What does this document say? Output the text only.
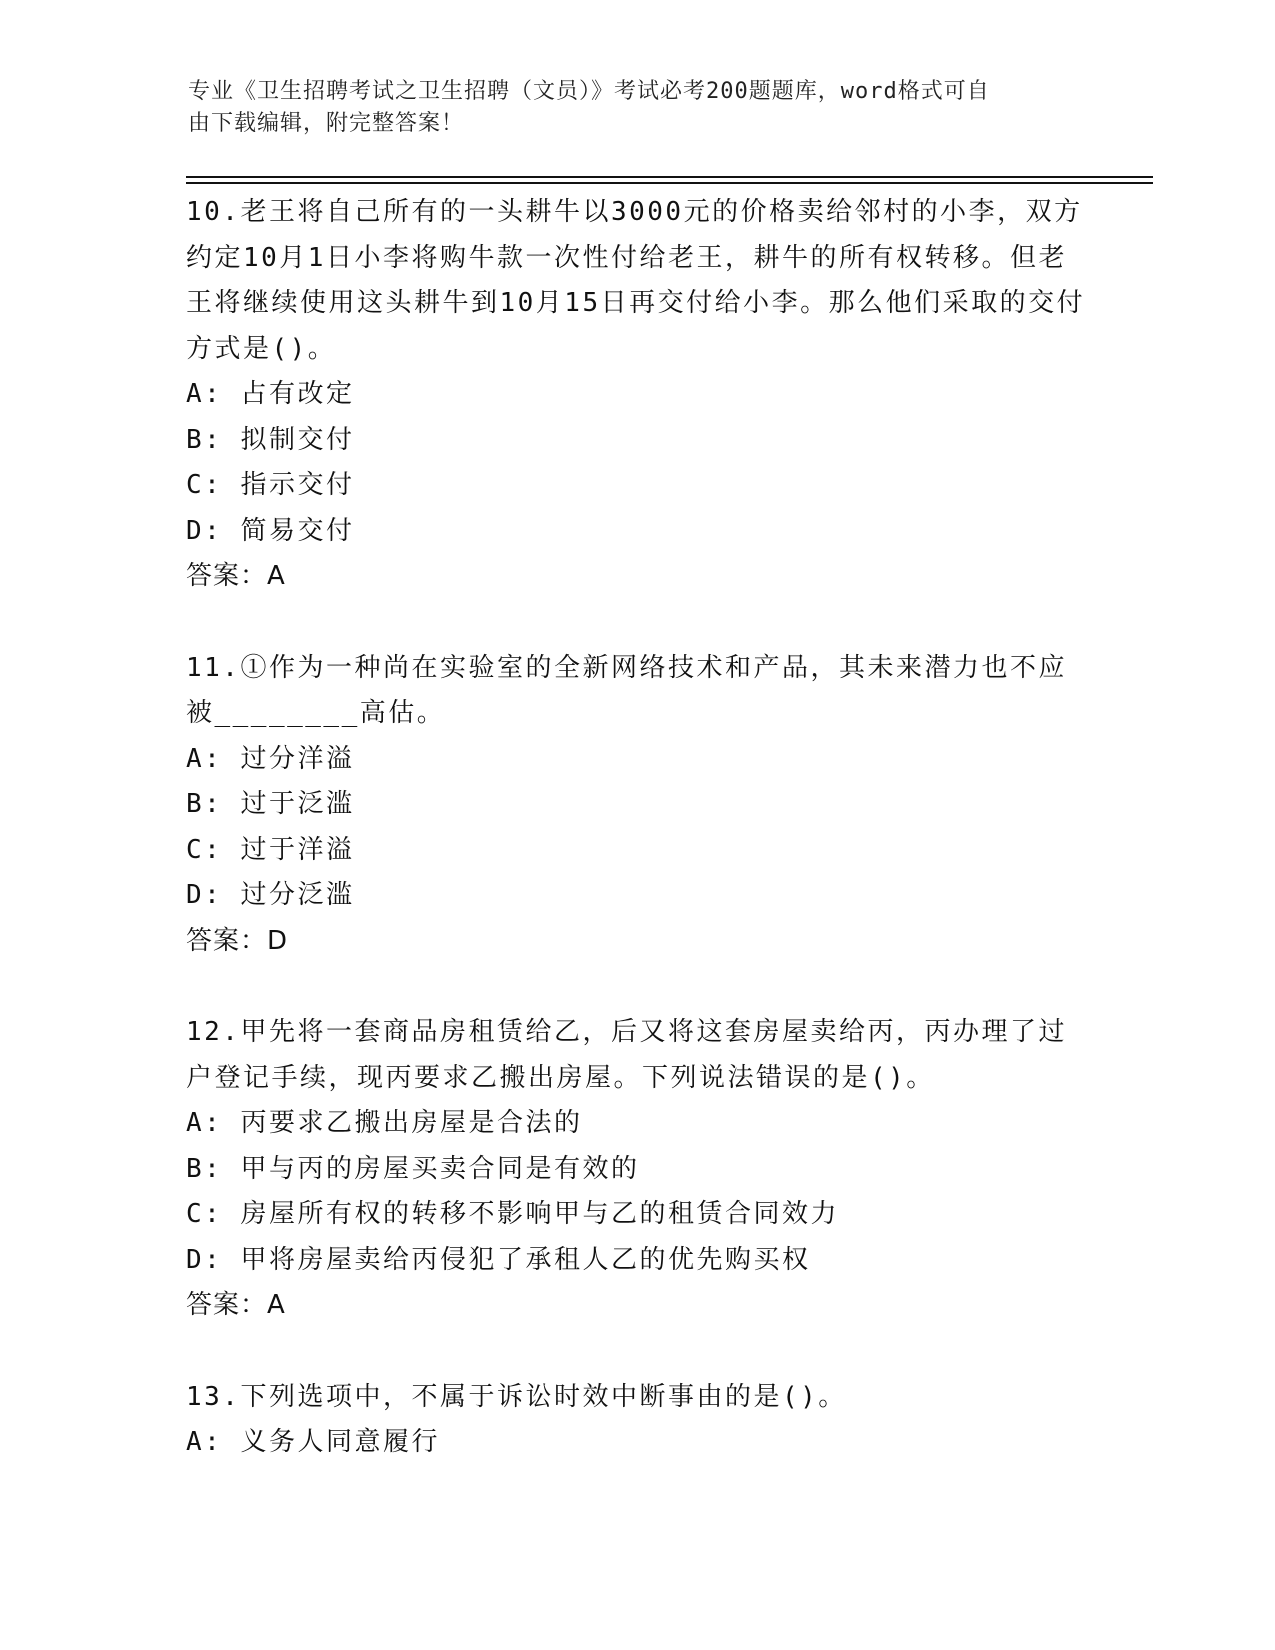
专业《卫生招聘考试之卫生招聘（文员）》考试必考200题题库，word格式可自
由下载编辑，附完整答案！

10.老王将自己所有的一头耕牛以3000元的价格卖给邻村的小李，双方约定10月1日小李将购牛款一次性付给老王，耕牛的所有权转移。但老王将继续使用这头耕牛到10月15日再交付给小李。那么他们采取的交付方式是()。

A: 占有改定

B: 拟制交付

C: 指示交付

D: 简易交付

答案：A

11.①作为一种尚在实验室的全新网络技术和产品，其未来潜力也不应被________高估。

A: 过分洋溢

B: 过于泛滥

C: 过于洋溢

D: 过分泛滥

答案：D

12.甲先将一套商品房租赁给乙，后又将这套房屋卖给丙，丙办理了过户登记手续，现丙要求乙搬出房屋。下列说法错误的是()。

A: 丙要求乙搬出房屋是合法的

B: 甲与丙的房屋买卖合同是有效的

C: 房屋所有权的转移不影响甲与乙的租赁合同效力

D: 甲将房屋卖给丙侵犯了承租人乙的优先购买权

答案：A

13.下列选项中，不属于诉讼时效中断事由的是()。

A: 义务人同意履行
